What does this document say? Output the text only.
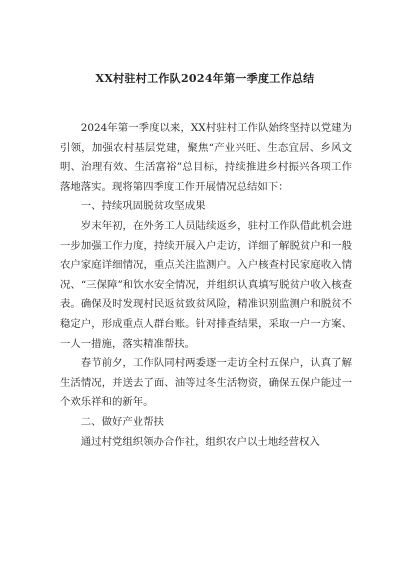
XX村驻村工作队2024年第一季度工作总结

2024年第一季度以来，XX村驻村工作队始终坚持以党建为引领，加强农村基层党建，聚焦“产业兴旺、生态宜居、乡风文明、治理有效、生活富裕”总目标，持续推进乡村振兴各项工作落地落实。现将第四季度工作开展情况总结如下：

一、持续巩固脱贫攻坚成果

岁末年初，在外务工人员陆续返乡，驻村工作队借此机会进一步加强工作力度，持续开展入户走访，详细了解脱贫户和一般农户家庭详细情况，重点关注监测户。入户核查村民家庭收入情况、“三保障”和饮水安全情况，并组织认真填写脱贫户收入核查表。确保及时发现村民返贫致贫风险，精准识别监测户和脱贫不稳定户，形成重点人群台账。针对排查结果，采取一户一方案、一人一措施，落实精准帮扶。

春节前夕，工作队同村两委逐一走访全村五保户，认真了解生活情况，并送去了面、油等过冬生活物资，确保五保户能过一个欢乐祥和的新年。

二、做好产业帮扶

通过村党组织领办合作社，组织农户以土地经营权入
